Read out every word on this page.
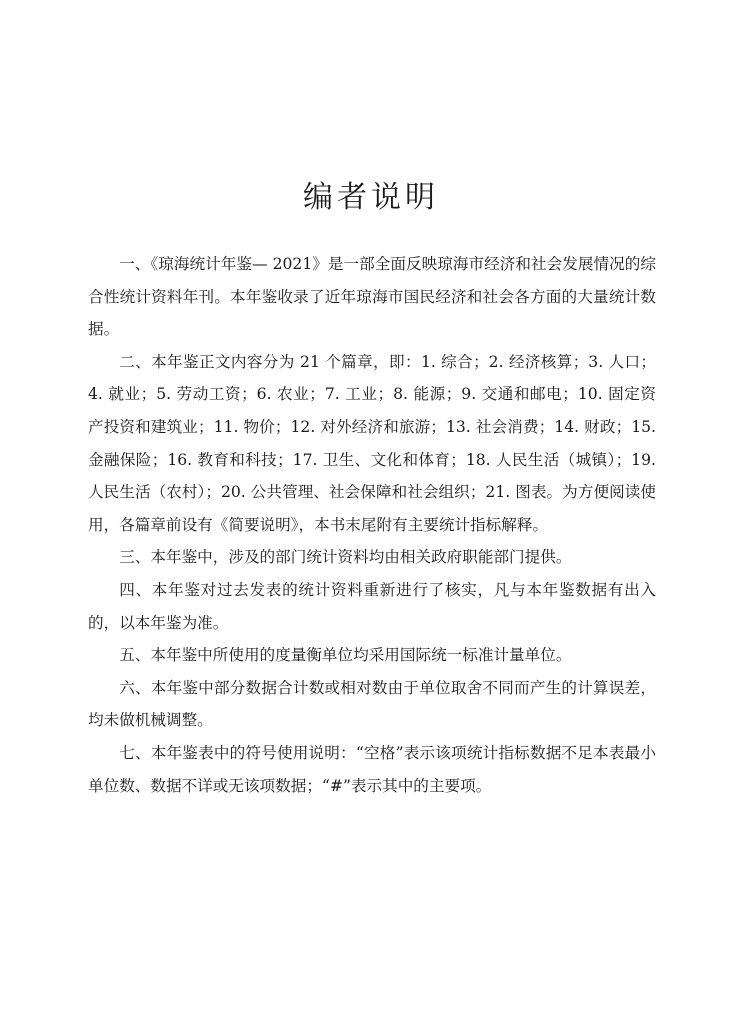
编者说明

一、《琼海统计年鉴— 2021》是一部全面反映琼海市经济和社会发展情况的综合性统计资料年刊。本年鉴收录了近年琼海市国民经济和社会各方面的大量统计数据。

二、本年鉴正文内容分为 21 个篇章，即：1. 综合；2. 经济核算；3. 人口；4. 就业；5. 劳动工资；6. 农业；7. 工业；8. 能源；9. 交通和邮电；10. 固定资产投资和建筑业；11. 物价；12. 对外经济和旅游；13. 社会消费；14. 财政；15. 金融保险；16. 教育和科技；17. 卫生、文化和体育；18. 人民生活（城镇）；19. 人民生活（农村）；20. 公共管理、社会保障和社会组织；21. 图表。为方便阅读使用，各篇章前设有《简要说明》，本书末尾附有主要统计指标解释。

三、本年鉴中，涉及的部门统计资料均由相关政府职能部门提供。

四、本年鉴对过去发表的统计资料重新进行了核实，凡与本年鉴数据有出入的，以本年鉴为准。

五、本年鉴中所使用的度量衡单位均采用国际统一标准计量单位。

六、本年鉴中部分数据合计数或相对数由于单位取舍不同而产生的计算误差，均未做机械调整。

七、本年鉴表中的符号使用说明：“空格”表示该项统计指标数据不足本表最小单位数、数据不详或无该项数据；“#”表示其中的主要项。
